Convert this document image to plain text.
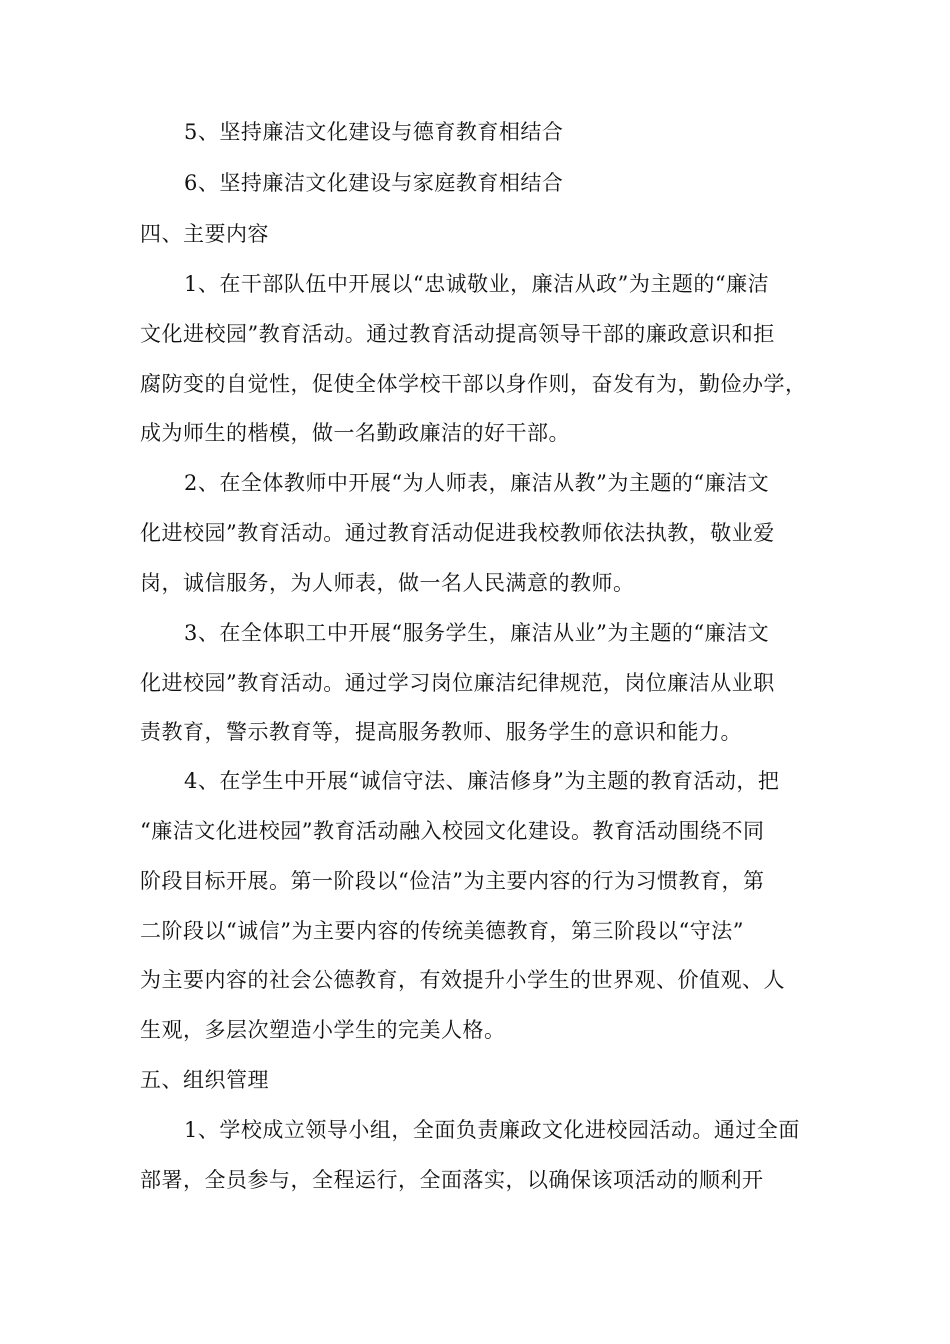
5、坚持廉洁文化建设与德育教育相结合
6、坚持廉洁文化建设与家庭教育相结合
四、主要内容
1、在干部队伍中开展以“忠诚敬业，廉洁从政”为主题的“廉洁
文化进校园”教育活动。通过教育活动提高领导干部的廉政意识和拒
腐防变的自觉性，促使全体学校干部以身作则，奋发有为，勤俭办学，
成为师生的楷模，做一名勤政廉洁的好干部。
2、在全体教师中开展“为人师表，廉洁从教”为主题的“廉洁文
化进校园”教育活动。通过教育活动促进我校教师依法执教，敬业爱
岗，诚信服务，为人师表，做一名人民满意的教师。
3、在全体职工中开展“服务学生，廉洁从业”为主题的“廉洁文
化进校园”教育活动。通过学习岗位廉洁纪律规范，岗位廉洁从业职
责教育，警示教育等，提高服务教师、服务学生的意识和能力。
4、在学生中开展“诚信守法、廉洁修身”为主题的教育活动，把
“廉洁文化进校园”教育活动融入校园文化建设。教育活动围绕不同
阶段目标开展。第一阶段以“俭洁”为主要内容的行为习惯教育，第
二阶段以“诚信”为主要内容的传统美德教育，第三阶段以“守法”
为主要内容的社会公德教育，有效提升小学生的世界观、价值观、人
生观，多层次塑造小学生的完美人格。
五、组织管理
1、学校成立领导小组，全面负责廉政文化进校园活动。通过全面
部署，全员参与，全程运行，全面落实，以确保该项活动的顺利开
